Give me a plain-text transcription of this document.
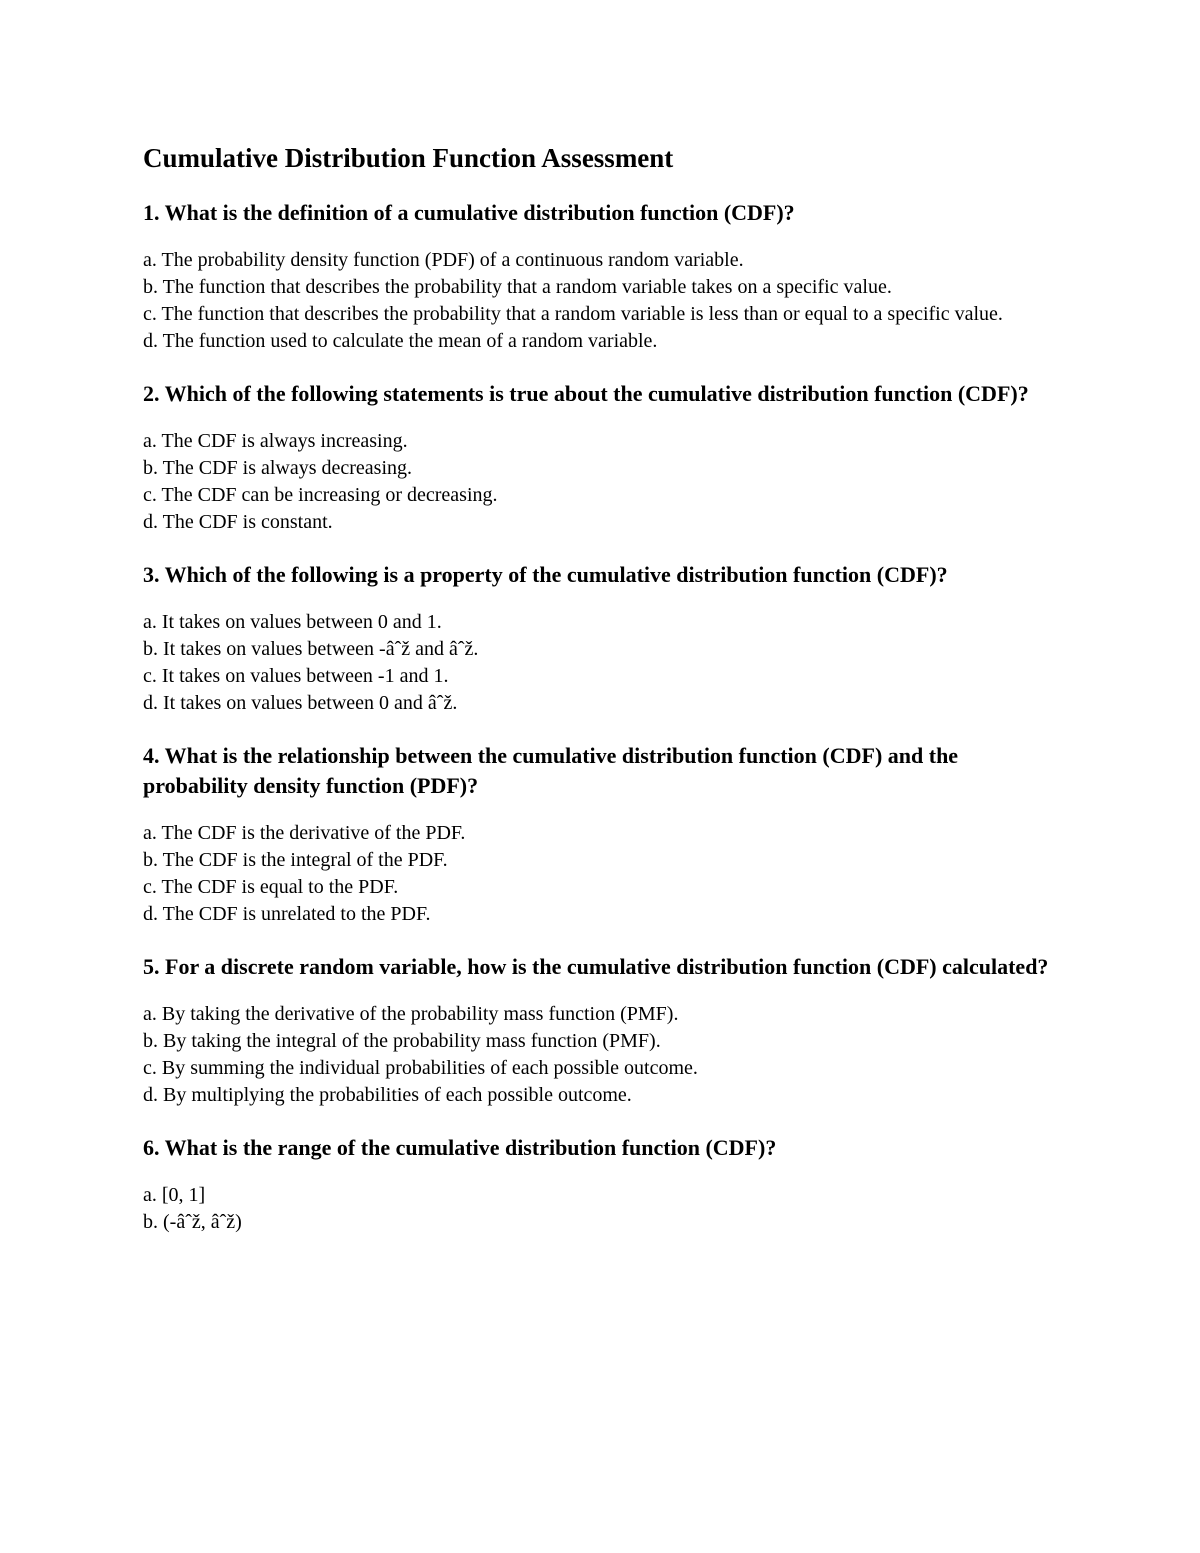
Cumulative Distribution Function Assessment

1. What is the definition of a cumulative distribution function (CDF)?

a. The probability density function (PDF) of a continuous random variable.
b. The function that describes the probability that a random variable takes on a specific value.
c. The function that describes the probability that a random variable is less than or equal to a specific value.
d. The function used to calculate the mean of a random variable.

2. Which of the following statements is true about the cumulative distribution function (CDF)?

a. The CDF is always increasing.
b. The CDF is always decreasing.
c. The CDF can be increasing or decreasing.
d. The CDF is constant.

3. Which of the following is a property of the cumulative distribution function (CDF)?

a. It takes on values between 0 and 1.
b. It takes on values between -âˆž and âˆž.
c. It takes on values between -1 and 1.
d. It takes on values between 0 and âˆž.

4. What is the relationship between the cumulative distribution function (CDF) and the probability density function (PDF)?

a. The CDF is the derivative of the PDF.
b. The CDF is the integral of the PDF.
c. The CDF is equal to the PDF.
d. The CDF is unrelated to the PDF.

5. For a discrete random variable, how is the cumulative distribution function (CDF) calculated?

a. By taking the derivative of the probability mass function (PMF).
b. By taking the integral of the probability mass function (PMF).
c. By summing the individual probabilities of each possible outcome.
d. By multiplying the probabilities of each possible outcome.

6. What is the range of the cumulative distribution function (CDF)?

a. [0, 1]
b. (-âˆž, âˆž)
